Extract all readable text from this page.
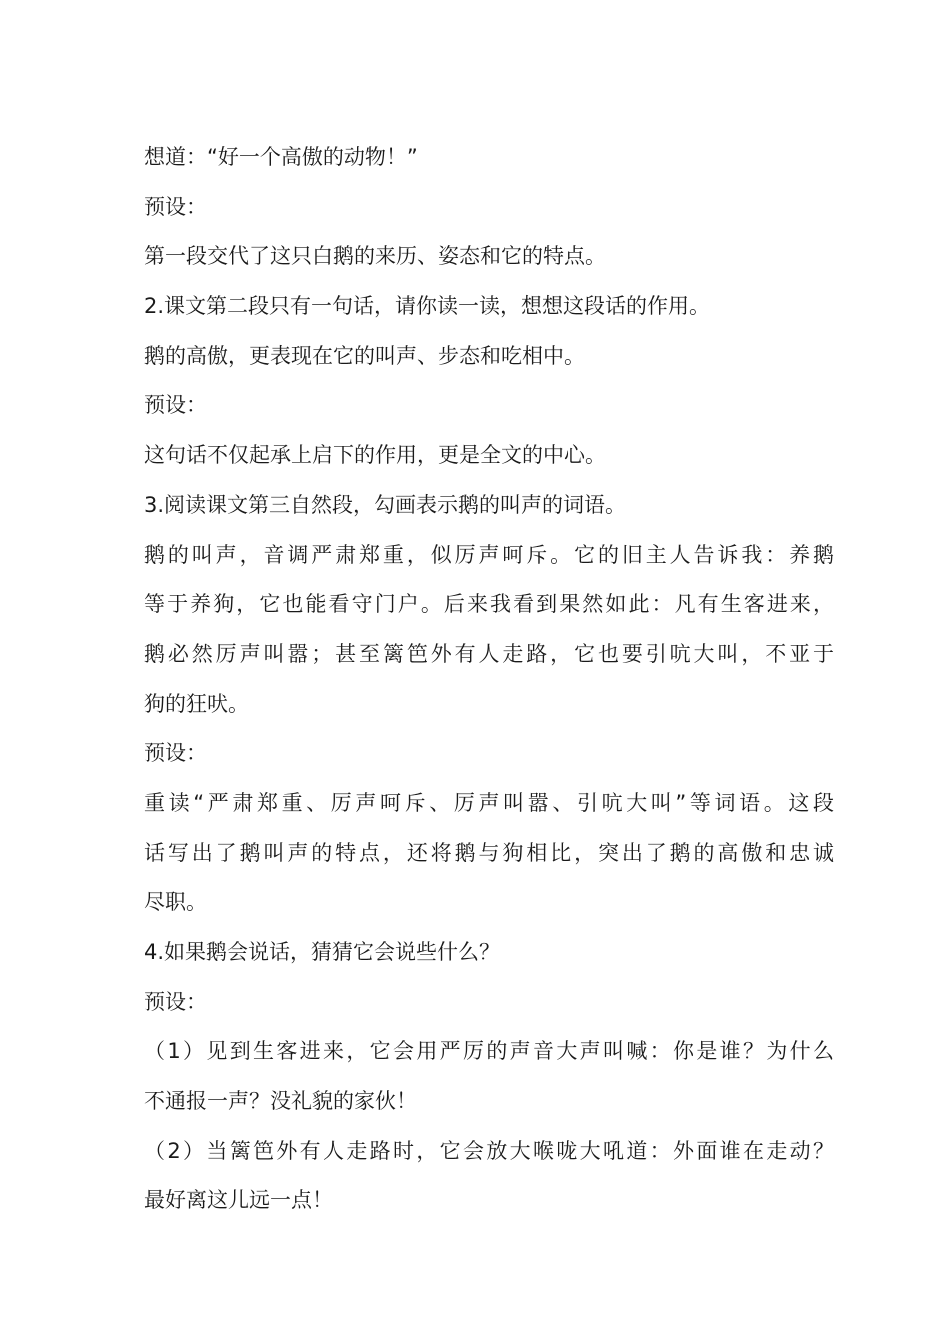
想道：“好一个高傲的动物！”
预设：
第一段交代了这只白鹅的来历、姿态和它的特点。
2.课文第二段只有一句话，请你读一读，想想这段话的作用。
鹅的高傲，更表现在它的叫声、步态和吃相中。
预设：
这句话不仅起承上启下的作用，更是全文的中心。
3.阅读课文第三自然段，勾画表示鹅的叫声的词语。
鹅的叫声，音调严肃郑重，似厉声呵斥。它的旧主人告诉我：养鹅
等于养狗，它也能看守门户。后来我看到果然如此：凡有生客进来，
鹅必然厉声叫嚣；甚至篱笆外有人走路，它也要引吭大叫，不亚于
狗的狂吠。
预设：
重读“严肃郑重、厉声呵斥、厉声叫嚣、引吭大叫”等词语。这段
话写出了鹅叫声的特点，还将鹅与狗相比，突出了鹅的高傲和忠诚
尽职。
4.如果鹅会说话，猜猜它会说些什么？
预设：
（1）见到生客进来，它会用严厉的声音大声叫喊：你是谁？为什么
不通报一声？没礼貌的家伙！
（2）当篱笆外有人走路时，它会放大喉咙大吼道：外面谁在走动？
最好离这儿远一点！
